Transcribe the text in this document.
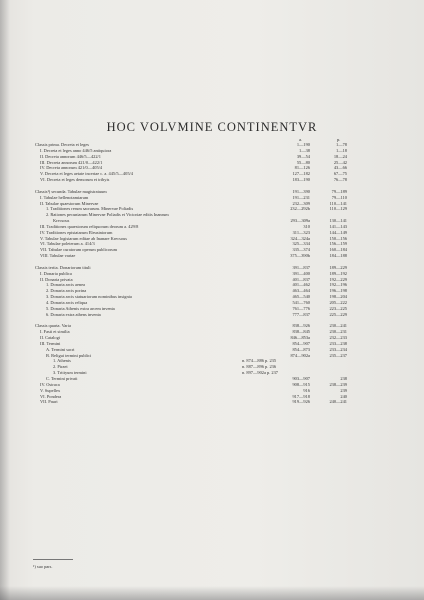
HOC VOLVMINE CONTINENTVR
a.	p.
Classis prima. Decreta et leges	1—190	1—78
I. Decreta et leges anno 446/5 antiquiora	1—38	1—18
II. Decreta annorum 446/5—422/1	39—54	18—24
III. Decreta annorum 421/0—422/1	55—80	25—42
IV. Decreta annorum 421/0—405/4	81—126	43—66
V. Decreta et leges aetate incertae c. a. 445/5—405/4	127—182	67—75
VI. Decreta et leges demorum et tribyis	183—190	76—78
Classis¹) secunda. Tabulae magistratuum	191—390	79—189
I. Tabulae hellenotamiarum	191—231	79—110
II. Tabulae quaestorum Minervae	232—309	110—141
1. Traditiones rerum sacrarum. Minervae Poliadis	232—292b	110—129
2. Rationes pecuniarum Minervae Poliadis et Victoriae editis Inanrum
Krecsous	293—309a	130—141
III. Traditiones quaestorum reliquorum deorum a. 429/8	310	141—143
IV. Traditiones epistatarum Eleusiniorum	311—323	144—149
V. Tabulae logistarum editae ab Inanare Krecsous	324—324a	150—156
VI. Tabulae poleterum a. 414/3	325—334	156—159
VII. Tabulae curatorum operum publicorum	335—374	160—184
VIII. Tabulae variae	375—390b	184—188
Classis tertia. Donariorum tituli	391—837	189—229
I. Donaria publica	391—400	189—192
II. Donaria privata	401—837	192—229
1. Donaria arcis aenea	401—462	192—196
2. Donaria arcis porina	463—464	196—198
3. Donaria arcis statuariorum nominibus insignia	465—540	198—204
4. Donaria arcis reliqua	541—760	205—222
5. Donaria Athenis extra arcem inventa	761—776	223—225
6. Donaria extra athens inventa	777—837	225—229
Classis quarta. Varia	838—926	230—241
I. Fasti et similia	838—845	230—231
II. Catalogi	846—853a	232—233
III. Termini	854—907	233—238
A. Termini sacri	854—873	233—234
B. Religui termini publici	874—902a	235—237
1. Athenis	n. 874—886 p. 235
2. Piraei	n. 887—896 p. 236
3. Trittyum termini	n. 897—902a p. 237
C. Termini privati	903—907	238
IV. Ostraca	908—915	238—239
V. Supellex	916	239
VI. Pondera	917—918	240
VII. Pauri	919—926	240—241
¹) suo pars.
